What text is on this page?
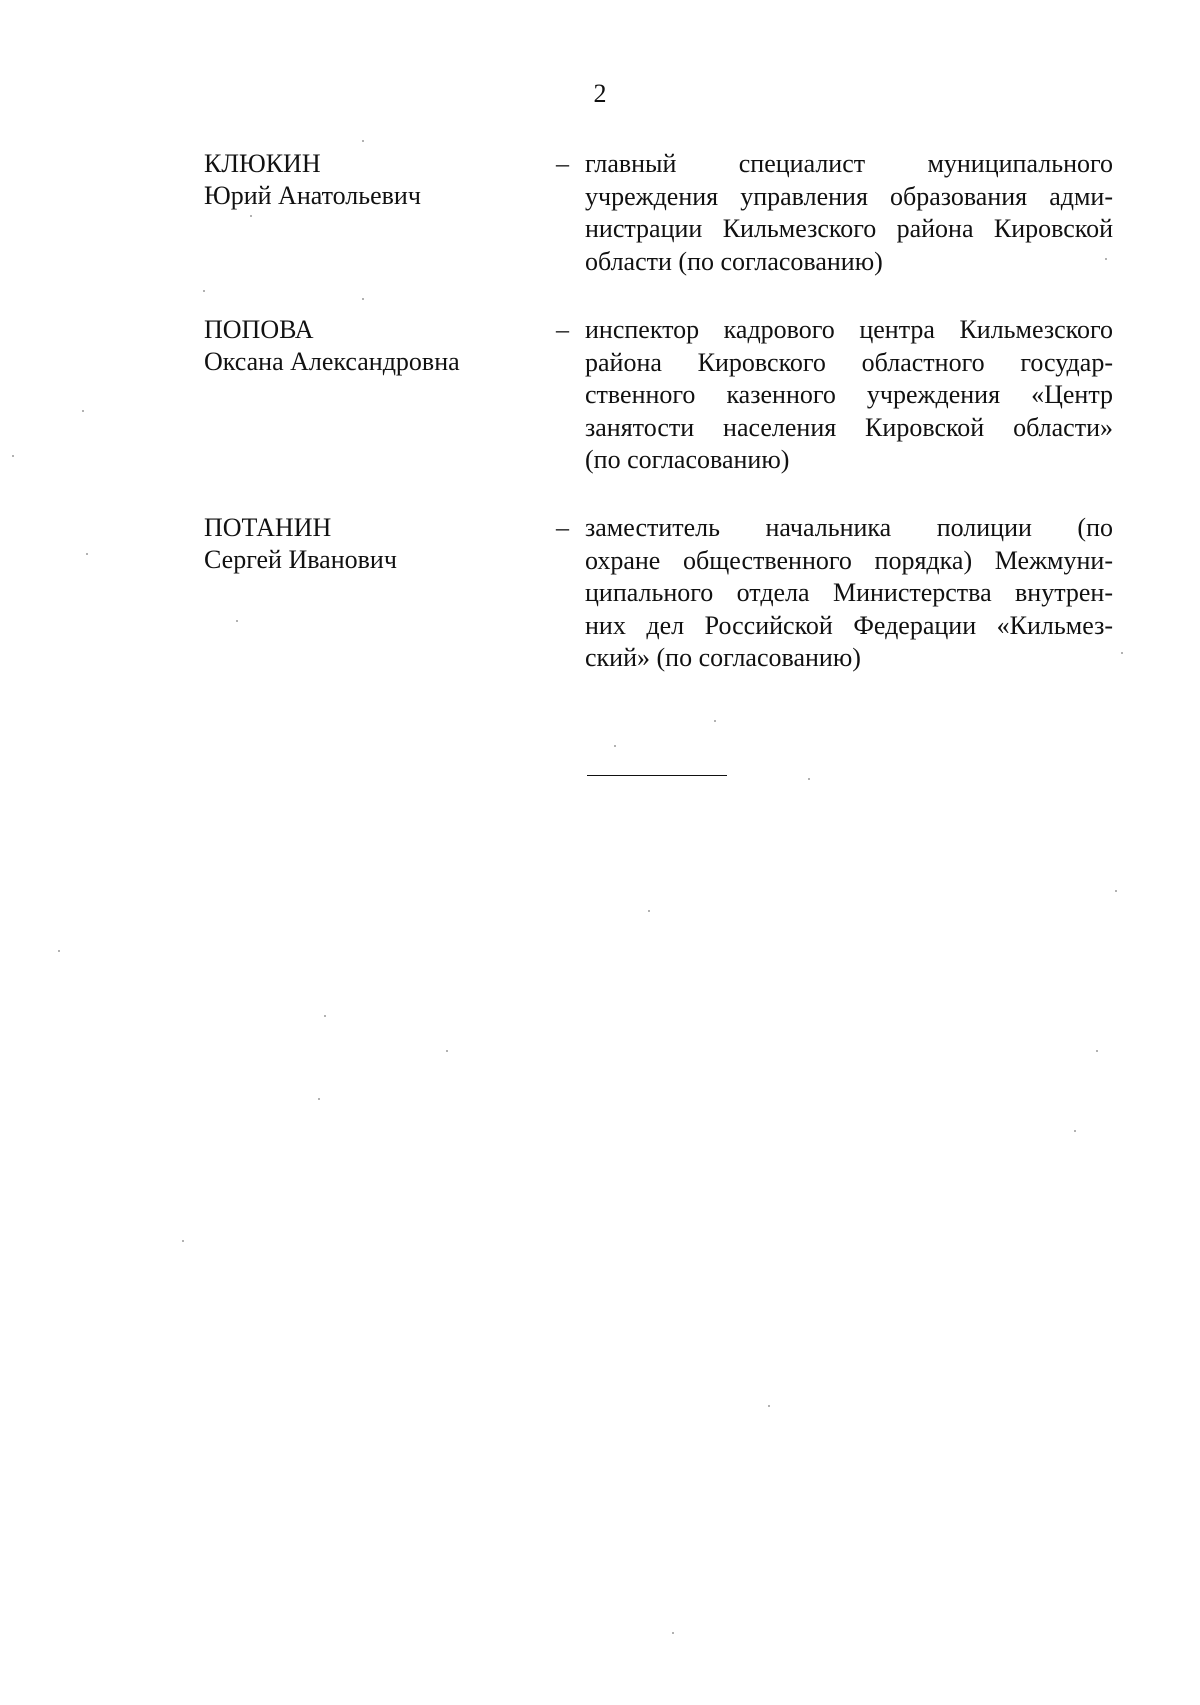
2
КЛЮКИН
Юрий Анатольевич
– главный специалист муниципального
учреждения управления образования адми-
нистрации Кильмезского района Кировской
области (по согласованию)
ПОПОВА
Оксана Александровна
– инспектор кадрового центра Кильмезского
района Кировского областного государ-
ственного казенного учреждения «Центр
занятости населения Кировской области»
(по согласованию)
ПОТАНИН
Сергей Иванович
– заместитель начальника полиции (по
охране общественного порядка) Межмуни-
ципального отдела Министерства внутрен-
них дел Российской Федерации «Кильмез-
ский» (по согласованию)
